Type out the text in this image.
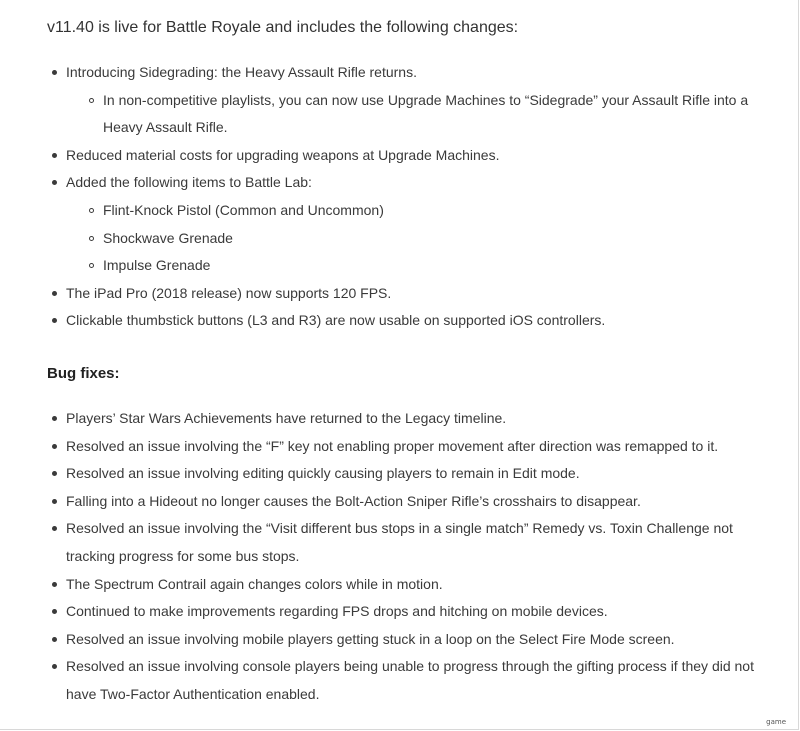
v11.40 is live for Battle Royale and includes the following changes:
Introducing Sidegrading: the Heavy Assault Rifle returns.
In non-competitive playlists, you can now use Upgrade Machines to “Sidegrade” your Assault Rifle into a
Heavy Assault Rifle.
Reduced material costs for upgrading weapons at Upgrade Machines.
Added the following items to Battle Lab:
Flint-Knock Pistol (Common and Uncommon)
Shockwave Grenade
Impulse Grenade
The iPad Pro (2018 release) now supports 120 FPS.
Clickable thumbstick buttons (L3 and R3) are now usable on supported iOS controllers.
Bug fixes:
Players’ Star Wars Achievements have returned to the Legacy timeline.
Resolved an issue involving the “F” key not enabling proper movement after direction was remapped to it.
Resolved an issue involving editing quickly causing players to remain in Edit mode.
Falling into a Hideout no longer causes the Bolt-Action Sniper Rifle’s crosshairs to disappear.
Resolved an issue involving the “Visit different bus stops in a single match” Remedy vs. Toxin Challenge not
tracking progress for some bus stops.
The Spectrum Contrail again changes colors while in motion.
Continued to make improvements regarding FPS drops and hitching on mobile devices.
Resolved an issue involving mobile players getting stuck in a loop on the Select Fire Mode screen.
Resolved an issue involving console players being unable to progress through the gifting process if they did not
have Two-Factor Authentication enabled.
game
